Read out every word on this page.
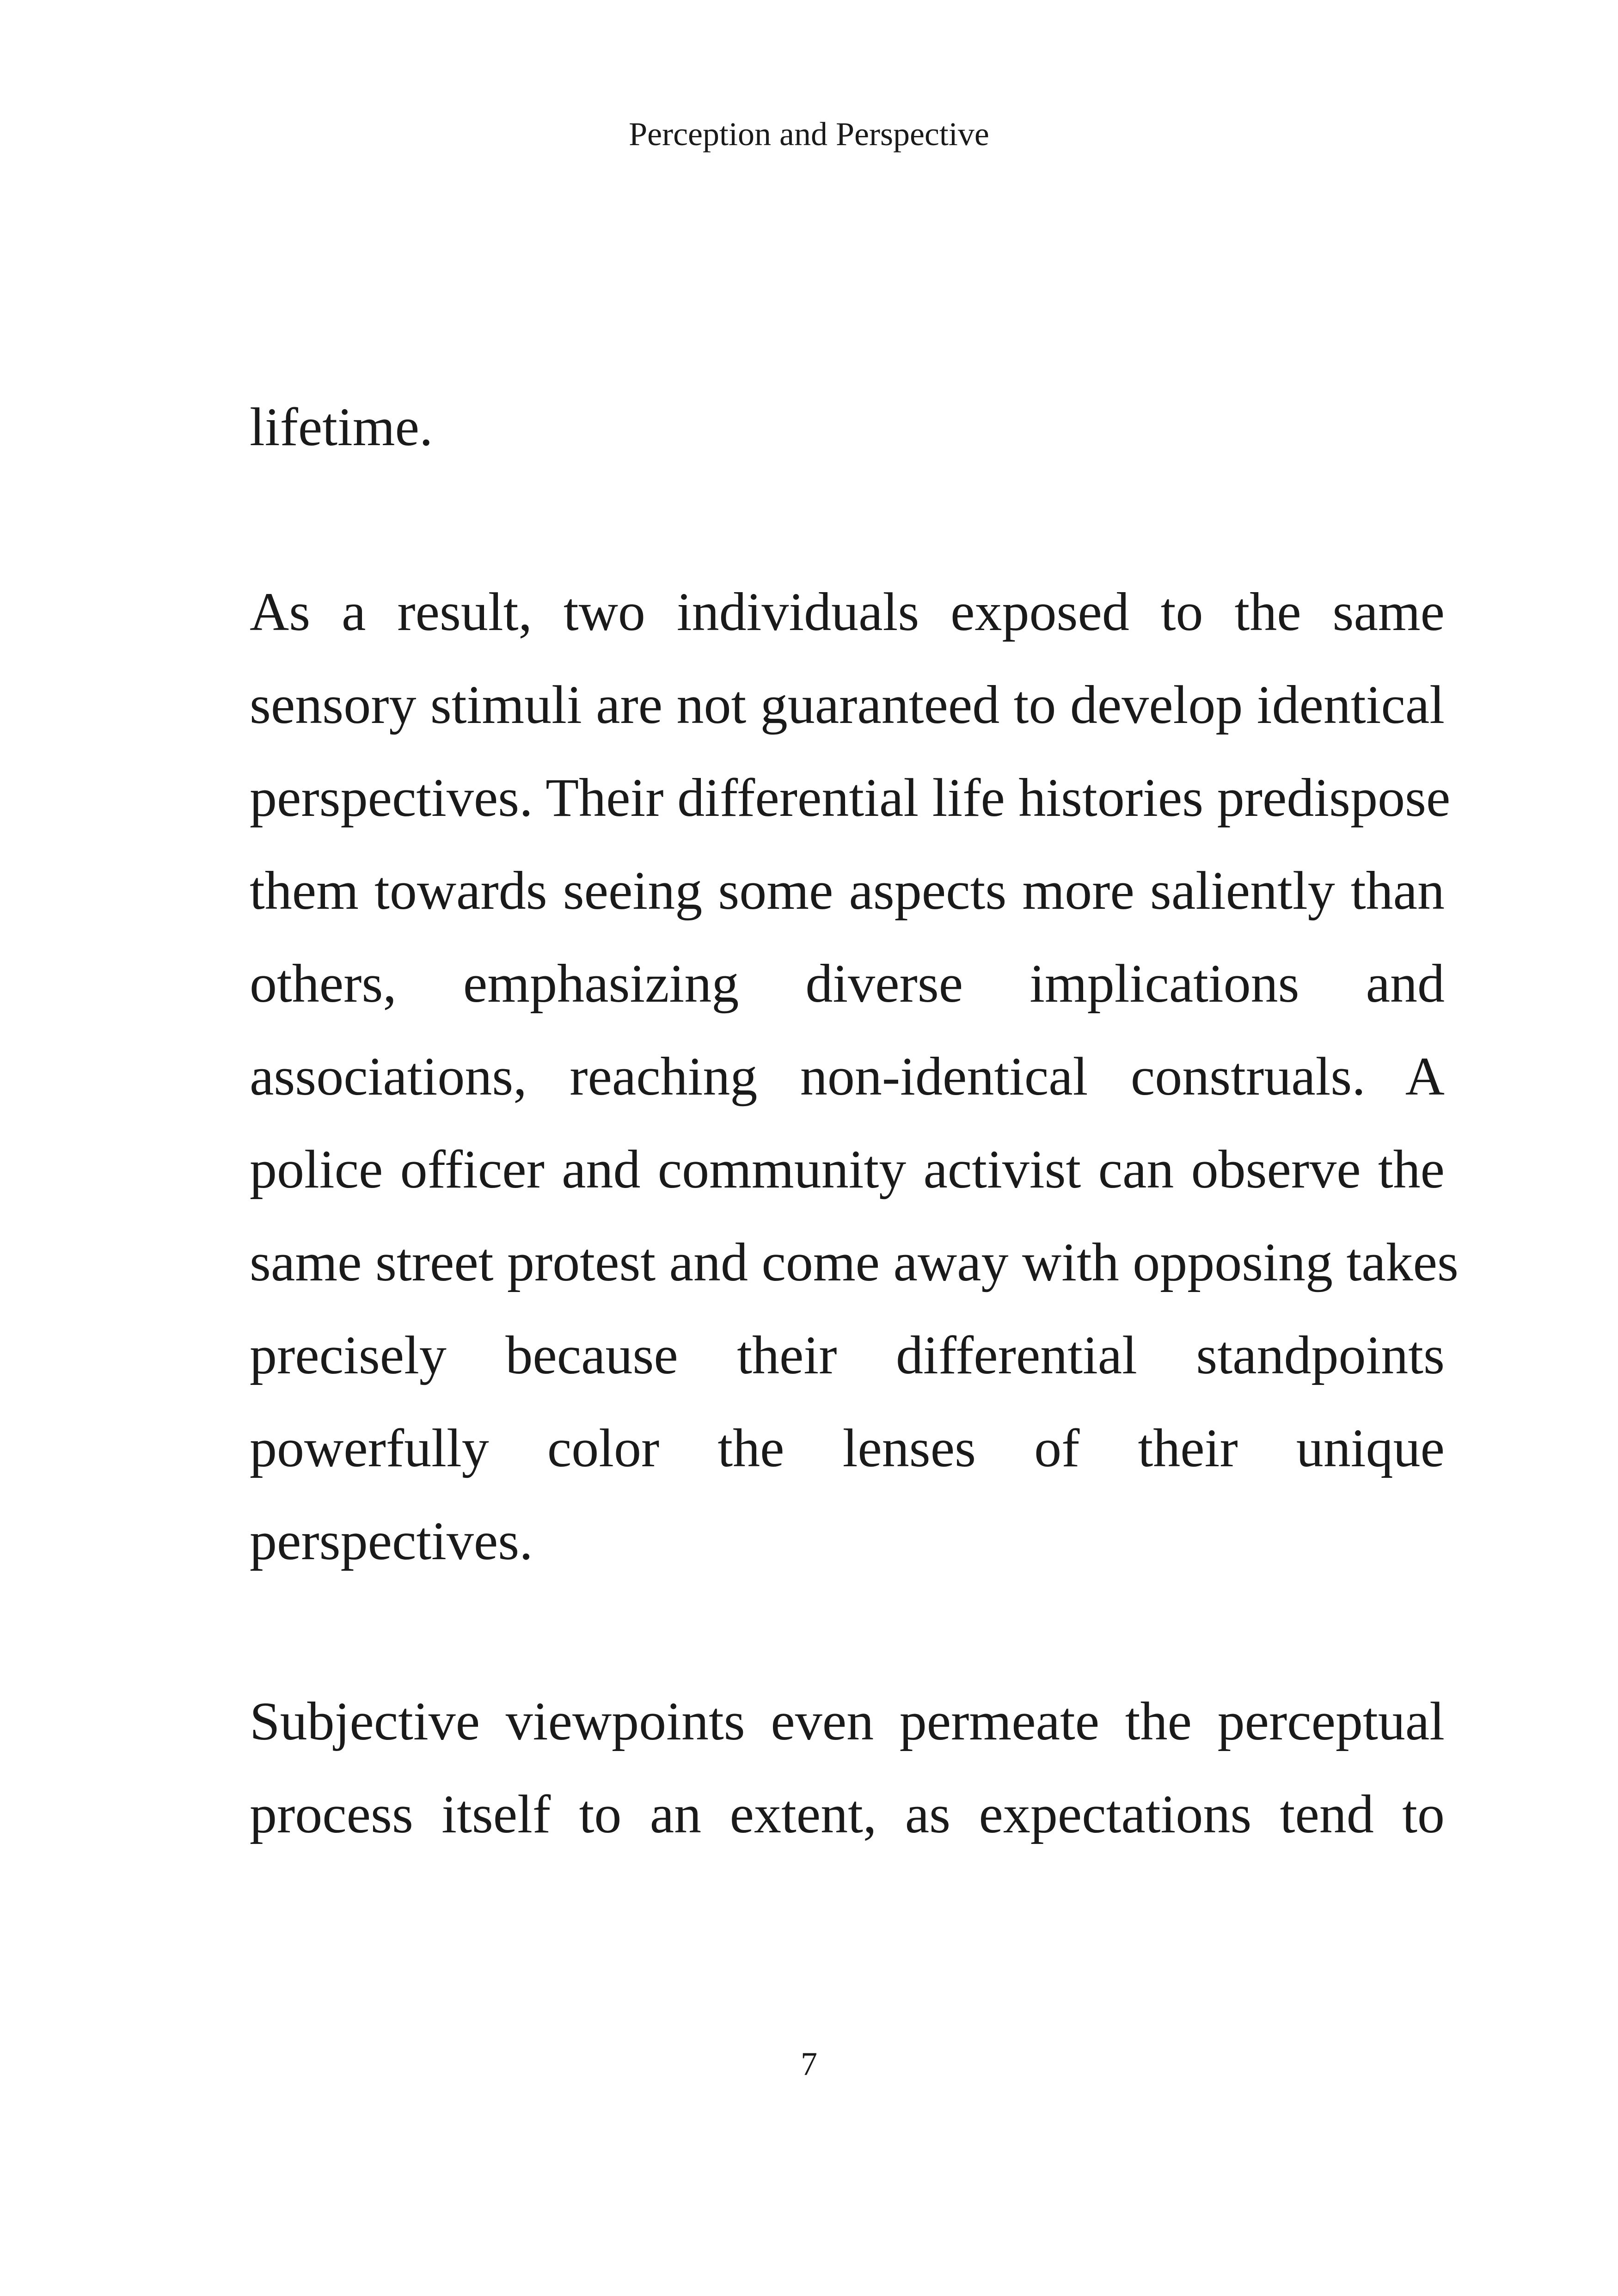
Perception and Perspective
lifetime.
As a result, two individuals exposed to the same
sensory stimuli are not guaranteed to develop identical
perspectives. Their differential life histories predispose
them towards seeing some aspects more saliently than
others, emphasizing diverse implications and
associations, reaching non-identical construals. A
police officer and community activist can observe the
same street protest and come away with opposing takes
precisely because their differential standpoints
powerfully color the lenses of their unique
perspectives.
Subjective viewpoints even permeate the perceptual
process itself to an extent, as expectations tend to
7
